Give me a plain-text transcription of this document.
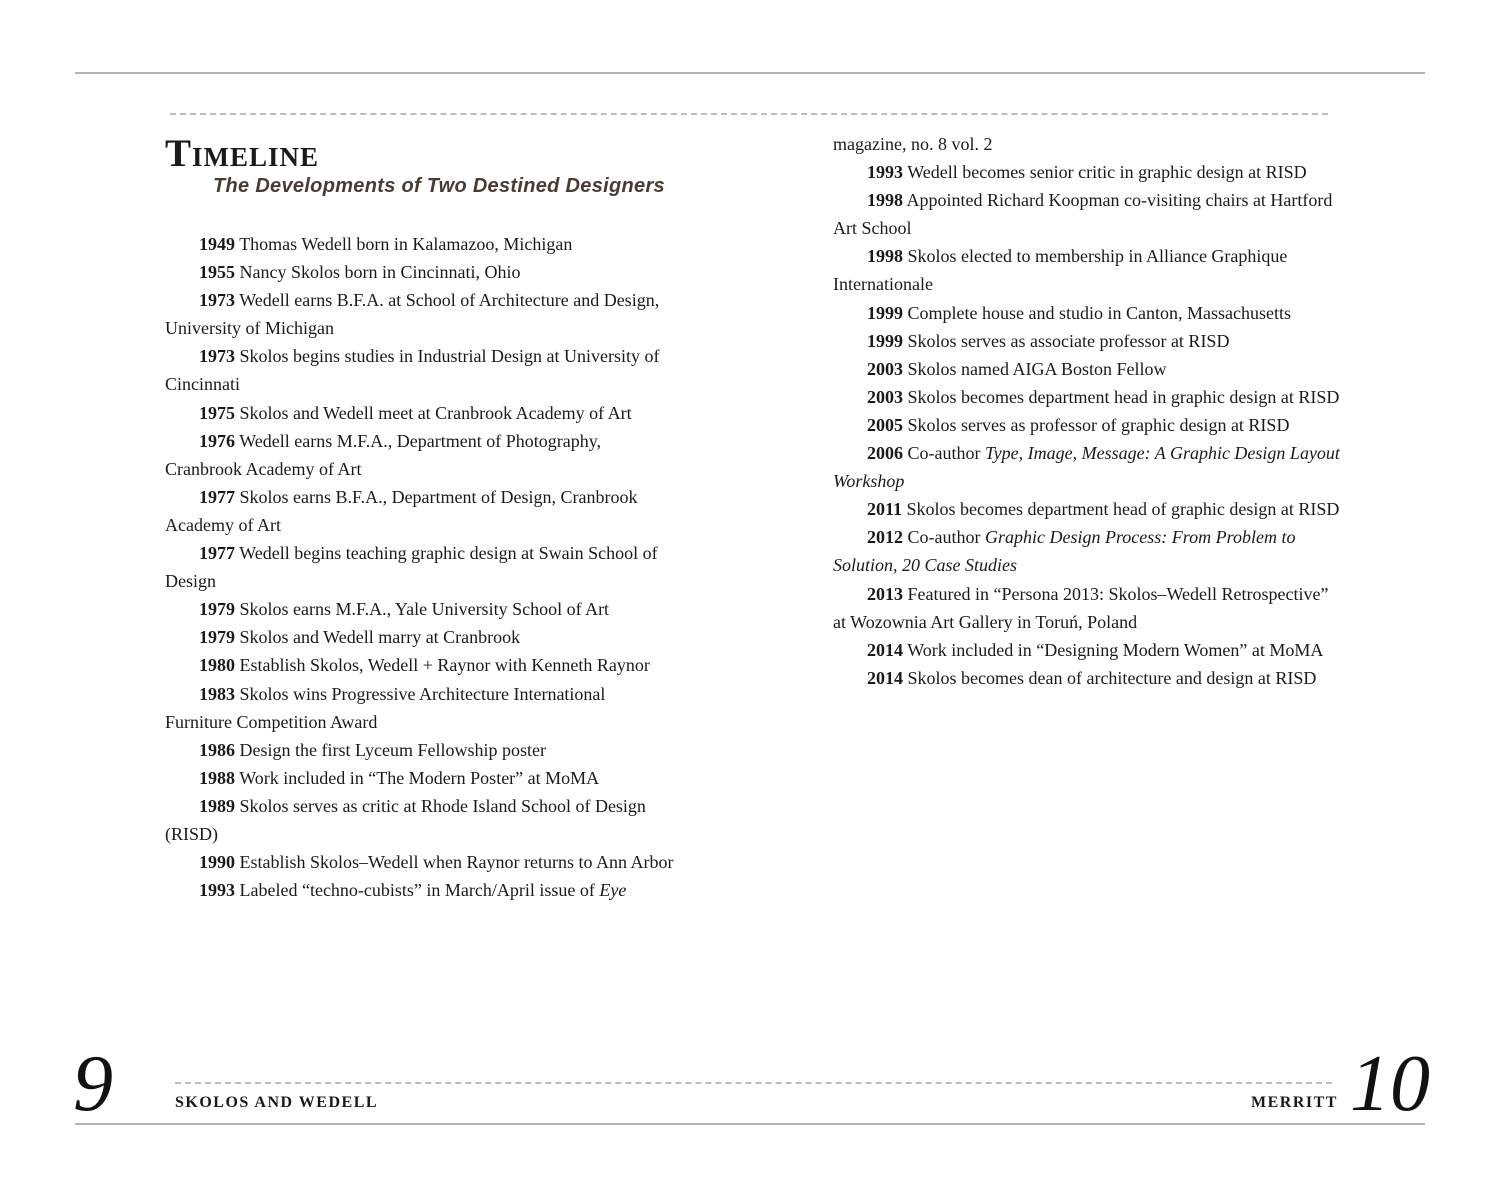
Timeline
The Developments of Two Destined Designers

1949 Thomas Wedell born in Kalamazoo, Michigan

1955 Nancy Skolos born in Cincinnati, Ohio

1973 Wedell earns B.F.A. at School of Architecture and Design, University of Michigan

1973 Skolos begins studies in Industrial Design at University of Cincinnati

1975 Skolos and Wedell meet at Cranbrook Academy of Art

1976 Wedell earns M.F.A., Department of Photography, Cranbrook Academy of Art

1977 Skolos earns B.F.A., Department of Design, Cranbrook Academy of Art

1977 Wedell begins teaching graphic design at Swain School of Design

1979 Skolos earns M.F.A., Yale University School of Art

1979 Skolos and Wedell marry at Cranbrook

1980 Establish Skolos, Wedell + Raynor with Kenneth Raynor

1983 Skolos wins Progressive Architecture International Furniture Competition Award

1986 Design the first Lyceum Fellowship poster

1988 Work included in “The Modern Poster” at MoMA

1989 Skolos serves as critic at Rhode Island School of Design (RISD)

1990 Establish Skolos–Wedell when Raynor returns to Ann Arbor

1993 Labeled “techno-cubists” in March/April issue of Eye

magazine, no. 8 vol. 2

1993 Wedell becomes senior critic in graphic design at RISD

1998 Appointed Richard Koopman co-visiting chairs at Hartford Art School

1998 Skolos elected to membership in Alliance Graphique Internationale

1999 Complete house and studio in Canton, Massachusetts

1999 Skolos serves as associate professor at RISD

2003 Skolos named AIGA Boston Fellow

2003 Skolos becomes department head in graphic design at RISD

2005 Skolos serves as professor of graphic design at RISD

2006 Co-author Type, Image, Message: A Graphic Design Layout Workshop

2011 Skolos becomes department head of graphic design at RISD

2012 Co-author Graphic Design Process: From Problem to Solution, 20 Case Studies

2013 Featured in “Persona 2013: Skolos–Wedell Retrospective” at Wozownia Art Gallery in Toruń, Poland

2014 Work included in “Designing Modern Women” at MoMA

2014 Skolos becomes dean of architecture and design at RISD

9	SKOLOS AND WEDELL	MERRITT 10
